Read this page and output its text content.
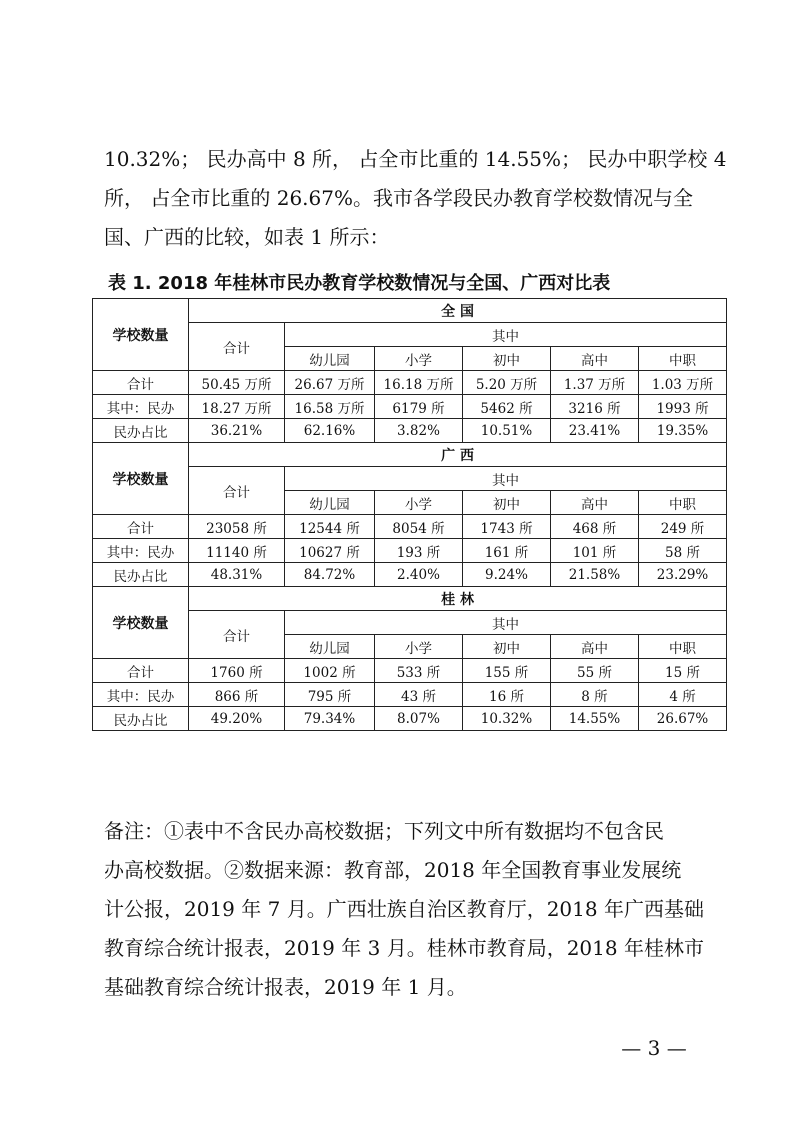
10.32%； 民办高中 8 所， 占全市比重的 14.55%； 民办中职学校 4

所， 占全市比重的 26.67%。我市各学段民办教育学校数情况与全

国、广西的比较，如表 1 所示：

表 1. 2018 年桂林市民办教育学校数情况与全国、广西对比表
学校数量	全 国					
	合计	其中				
		幼儿园	小学	初中	高中	中职
合计	50.45 万所	26.67 万所	16.18 万所	5.20 万所	1.37 万所	1.03 万所
其中：民办	18.27 万所	16.58 万所	6179 所	5462 所	3216 所	1993 所
民办占比	36.21%	62.16%	3.82%	10.51%	23.41%	19.35%
学校数量	广 西					
	合计	其中				
		幼儿园	小学	初中	高中	中职
合计	23058 所	12544 所	8054 所	1743 所	468 所	249 所
其中：民办	11140 所	10627 所	193 所	161 所	101 所	58 所
民办占比	48.31%	84.72%	2.40%	9.24%	21.58%	23.29%
学校数量	桂 林					
	合计	其中				
		幼儿园	小学	初中	高中	中职
合计	1760 所	1002 所	533 所	155 所	55 所	15 所
其中：民办	866 所	795 所	43 所	16 所	8 所	4 所
民办占比	49.20%	79.34%	8.07%	10.32%	14.55%	26.67%

备注：①表中不含民办高校数据；下列文中所有数据均不包含民

办高校数据。②数据来源：教育部，2018 年全国教育事业发展统

计公报，2019 年 7 月。广西壮族自治区教育厅，2018 年广西基础

教育综合统计报表，2019 年 3 月。桂林市教育局，2018 年桂林市

基础教育综合统计报表，2019 年 1 月。

— 3 —
